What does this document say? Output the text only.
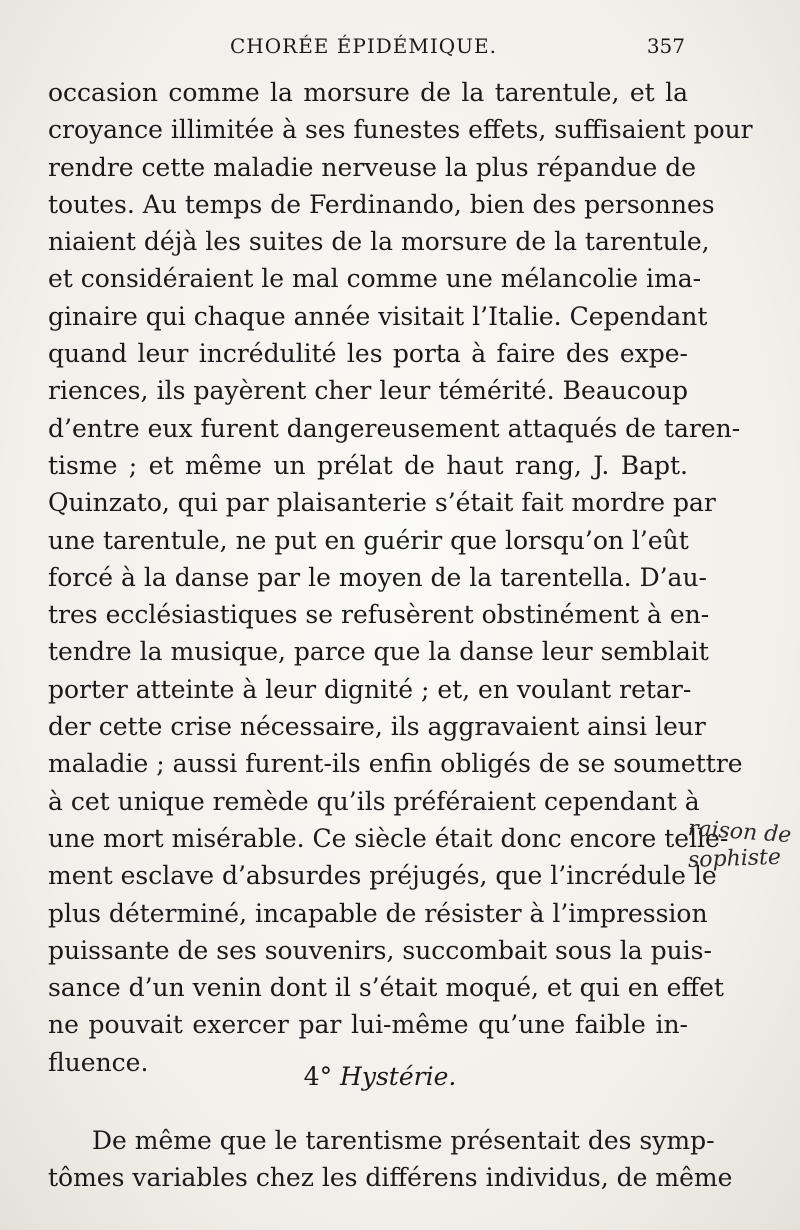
CHORÉE ÉPIDÉMIQUE.	357
occasion comme la morsure de la tarentule, et la
croyance illimitée à ses funestes effets, suffisaient pour
rendre cette maladie nerveuse la plus répandue de
toutes. Au temps de Ferdinando, bien des personnes
niaient déjà les suites de la morsure de la tarentule,
et considéraient le mal comme une mélancolie ima-
ginaire qui chaque année visitait l’Italie. Cependant
quand leur incrédulité les porta à faire des expe-
riences, ils payèrent cher leur témérité. Beaucoup
d’entre eux furent dangereusement attaqués de taren-
tisme ; et même un prélat de haut rang, J. Bapt.
Quinzato, qui par plaisanterie s’était fait mordre par
une tarentule, ne put en guérir que lorsqu’on l’eût
forcé à la danse par le moyen de la tarentella. D’au-
tres ecclésiastiques se refusèrent obstinément à en-
tendre la musique, parce que la danse leur semblait
porter atteinte à leur dignité ; et, en voulant retar-
der cette crise nécessaire, ils aggravaient ainsi leur
maladie ; aussi furent-ils enfin obligés de se soumettre
à cet unique remède qu’ils préféraient cependant à
une mort misérable. Ce siècle était donc encore telle-
ment esclave d’absurdes préjugés, que l’incrédule le
plus déterminé, incapable de résister à l’impression
puissante de ses souvenirs, succombait sous la puis-
sance d’un venin dont il s’était moqué, et qui en effet
ne pouvait exercer par lui-même qu’une faible in-
fluence.	4° Hystérie.
De même que le tarentisme présentait des symp-
tômes variables chez les différens individus, de même
raison de
sophiste
